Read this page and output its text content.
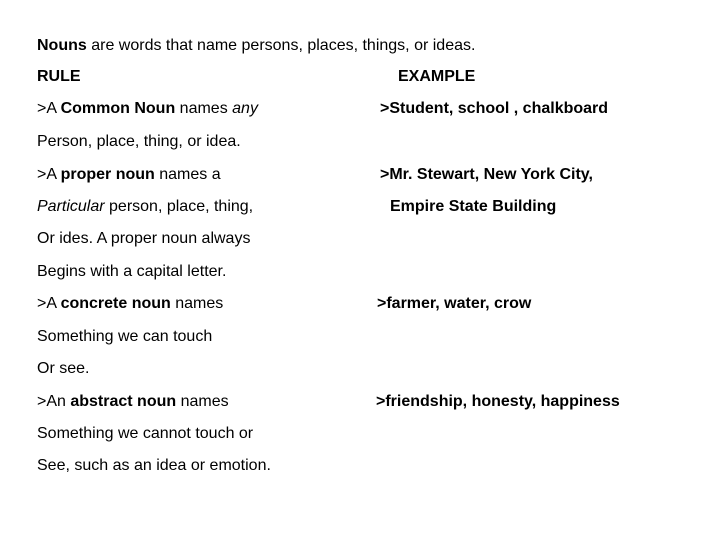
Nouns are words that name persons, places, things, or ideas.
RULE	EXAMPLE
>A Common Noun names any	>Student, school , chalkboard
Person, place, thing, or idea.
>A proper noun names a	>Mr. Stewart, New York City,
Particular person, place, thing,	Empire State Building
Or ides. A proper noun always
Begins with a capital letter.
>A concrete noun names	>farmer, water, crow
Something we can touch
Or see.
>An abstract noun names	>friendship, honesty, happiness
Something we cannot touch or
See, such as an idea or emotion.
